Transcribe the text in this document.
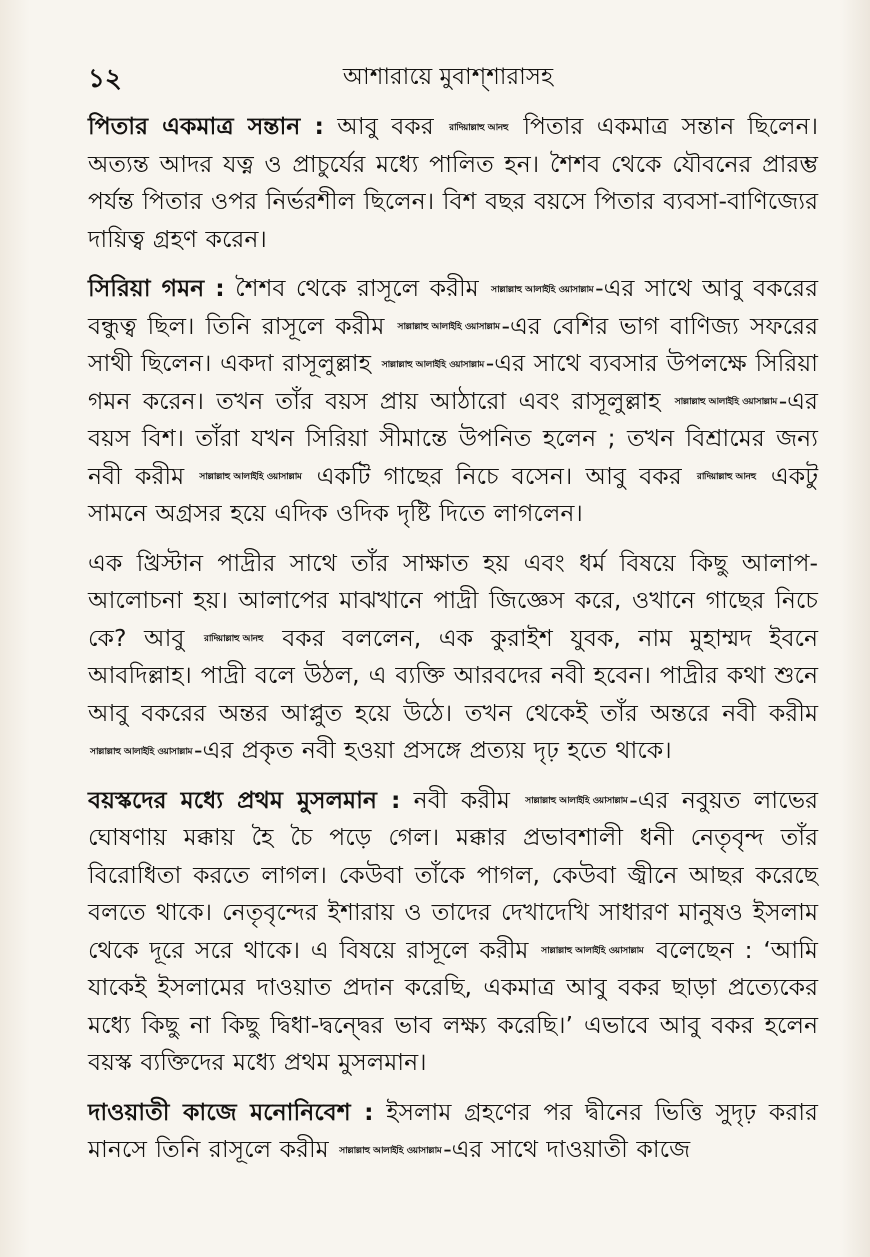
১২	আশারায়ে মুবাশ্শারাসহ

পিতার একমাত্র সন্তান : আবু বকর রাদিয়াল্লাহু আনহু পিতার একমাত্র সন্তান ছিলেন। অত্যন্ত আদর যত্ন ও প্রাচুর্যের মধ্যে পালিত হন। শৈশব থেকে যৌবনের প্রারম্ভ পর্যন্ত পিতার ওপর নির্ভরশীল ছিলেন। বিশ বছর বয়সে পিতার ব্যবসা-বাণিজ্যের দায়িত্ব গ্রহণ করেন।

সিরিয়া গমন : শৈশব থেকে রাসূলে করীম সাল্লাল্লাহু আলাইহি ওয়াসাল্লাম-এর সাথে আবু বকরের বন্ধুত্ব ছিল। তিনি রাসূলে করীম সাল্লাল্লাহু আলাইহি ওয়াসাল্লাম-এর বেশির ভাগ বাণিজ্য সফরের সাথী ছিলেন। একদা রাসূলুল্লাহ সাল্লাল্লাহু আলাইহি ওয়াসাল্লাম-এর সাথে ব্যবসার উপলক্ষে সিরিয়া গমন করেন। তখন তাঁর বয়স প্রায় আঠারো এবং রাসূলুল্লাহ সাল্লাল্লাহু আলাইহি ওয়াসাল্লাম-এর বয়স বিশ। তাঁরা যখন সিরিয়া সীমান্তে উপনিত হলেন ; তখন বিশ্রামের জন্য নবী করীম সাল্লাল্লাহু আলাইহি ওয়াসাল্লাম একটি গাছের নিচে বসেন। আবু বকর রাদিয়াল্লাহু আনহু একটু সামনে অগ্রসর হয়ে এদিক ওদিক দৃষ্টি দিতে লাগলেন।

এক খ্রিস্টান পাদ্রীর সাথে তাঁর সাক্ষাত হয় এবং ধর্ম বিষয়ে কিছু আলাপ-আলোচনা হয়। আলাপের মাঝখানে পাদ্রী জিজ্ঞেস করে, ওখানে গাছের নিচে কে? আবু রাদিয়াল্লাহু আনহু বকর বললেন, এক কুরাইশ যুবক, নাম মুহাম্মদ ইবনে আবদিল্লাহ। পাদ্রী বলে উঠল, এ ব্যক্তি আরবদের নবী হবেন। পাদ্রীর কথা শুনে আবু বকরের অন্তর আপ্লুত হয়ে উঠে। তখন থেকেই তাঁর অন্তরে নবী করীম সাল্লাল্লাহু আলাইহি ওয়াসাল্লাম-এর প্রকৃত নবী হওয়া প্রসঙ্গে প্রত্যয় দৃঢ় হতে থাকে।

বয়স্কদের মধ্যে প্রথম মুসলমান : নবী করীম সাল্লাল্লাহু আলাইহি ওয়াসাল্লাম-এর নবুয়ত লাভের ঘোষণায় মক্কায় হৈ চৈ পড়ে গেল। মক্কার প্রভাবশালী ধনী নেতৃবৃন্দ তাঁর বিরোধিতা করতে লাগল। কেউবা তাঁকে পাগল, কেউবা জ্বীনে আছর করেছে বলতে থাকে। নেতৃবৃন্দের ইশারায় ও তাদের দেখাদেখি সাধারণ মানুষও ইসলাম থেকে দূরে সরে থাকে। এ বিষয়ে রাসূলে করীম সাল্লাল্লাহু আলাইহি ওয়াসাল্লাম বলেছেন : ‘আমি যাকেই ইসলামের দাওয়াত প্রদান করেছি, একমাত্র আবু বকর ছাড়া প্রত্যেকের মধ্যে কিছু না কিছু দ্বিধা-দ্বন্দ্বের ভাব লক্ষ্য করেছি।’ এভাবে আবু বকর হলেন বয়স্ক ব্যক্তিদের মধ্যে প্রথম মুসলমান।

দাওয়াতী কাজে মনোনিবেশ : ইসলাম গ্রহণের পর দ্বীনের ভিত্তি সুদৃঢ় করার মানসে তিনি রাসূলে করীম সাল্লাল্লাহু আলাইহি ওয়াসাল্লাম-এর সাথে দাওয়াতী কাজে
